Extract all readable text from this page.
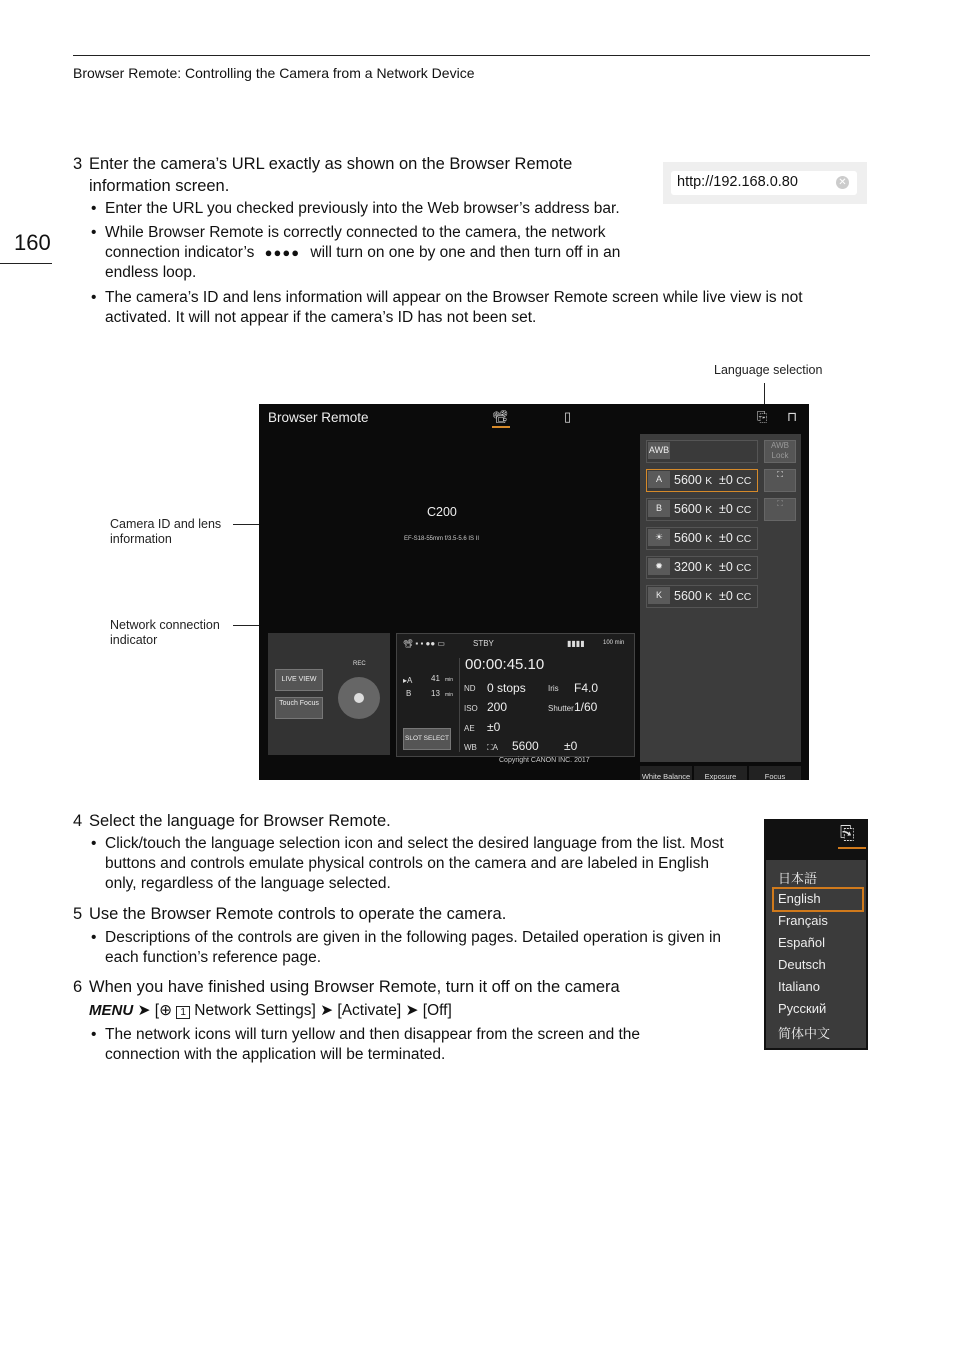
Browser Remote: Controlling the Camera from a Network Device
160
3 Enter the camera’s URL exactly as shown on the Browser Remote information screen.
• Enter the URL you checked previously into the Web browser’s address bar.
• While Browser Remote is correctly connected to the camera, the network connection indicator’s ●●●● will turn on one by one and then turn off in an endless loop.
• The camera’s ID and lens information will appear on the Browser Remote screen while live view is not activated. It will not appear if the camera’s ID has not been set.
http://192.168.0.80	✕
Language selection
Camera ID and lens information
Network connection indicator
Browser Remote	📽	▯	⎘ ⊓
C200
EF-S18-55mm f/3.5-5.6 IS II
AWB	AWB Lock
A 5600 K ±0 CC
⛶
B 5600 K ±0 CC
⛶
☀ 5600 K ±0 CC
✹ 3200 K ±0 CC
K 5600 K ±0 CC
White Balance	Exposure	Focus
LIVE VIEW
Touch Focus
REC
📽 ▪ ▪ ●● ▭	STBY	▮▮▮▮	100 min
▸A 41 min
B 13 min
SLOT SELECT
00:00:45.10
ND 0 stops	Iris F4.0
ISO 200	Shutter 1/60
AE ±0
WB ⛶A 5600 ±0
Copyright CANON INC. 2017
4 Select the language for Browser Remote.
• Click/touch the language selection icon and select the desired language from the list. Most buttons and controls emulate physical controls on the camera and are labeled in English only, regardless of the language selected.
5 Use the Browser Remote controls to operate the camera.
• Descriptions of the controls are given in the following pages. Detailed operation is given in each function’s reference page.
6 When you have finished using Browser Remote, turn it off on the camera
MENU ➤ [⊕ 1 Network Settings] ➤ [Activate] ➤ [Off]
• The network icons will turn yellow and then disappear from the screen and the connection with the application will be terminated.
⎘
日本語
English
Français
Español
Deutsch
Italiano
Русский
简体中文
